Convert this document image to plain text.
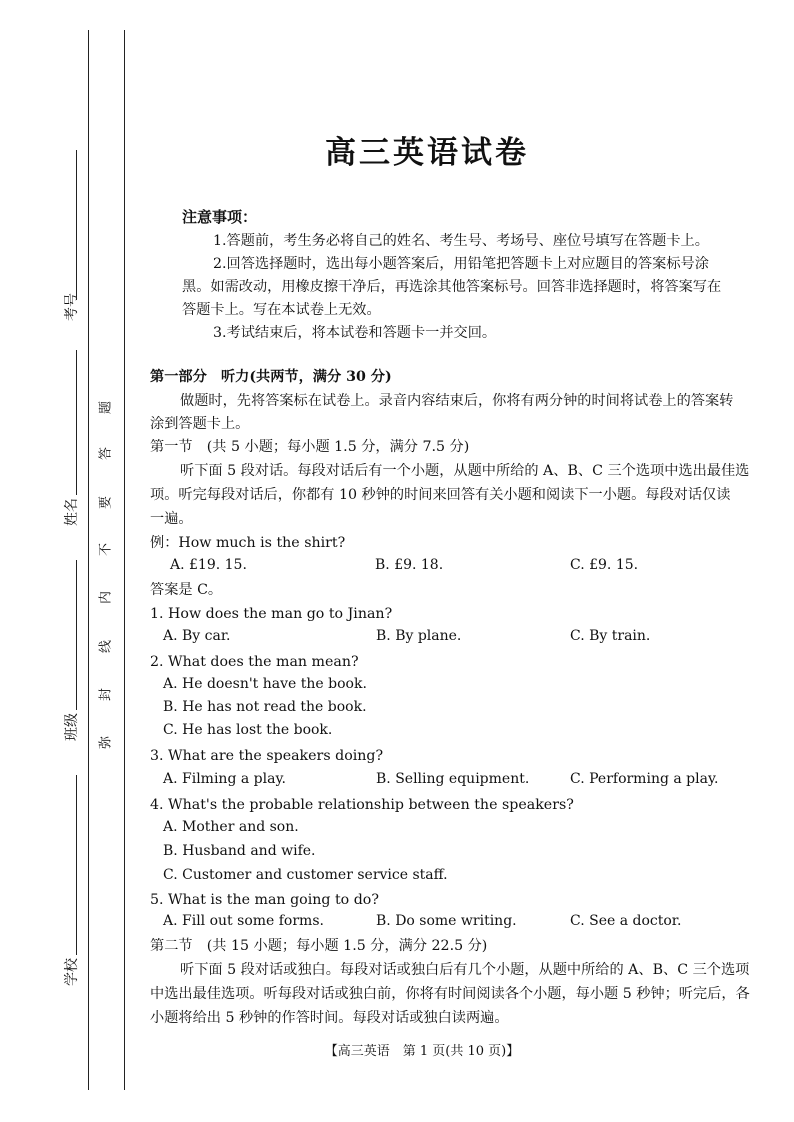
考号
姓名
班级
学校
题
答
要
不
内
线
封
弥
高三英语试卷
注意事项：
1.答题前，考生务必将自己的姓名、考生号、考场号、座位号填写在答题卡上。
2.回答选择题时，选出每小题答案后，用铅笔把答题卡上对应题目的答案标号涂
黑。如需改动，用橡皮擦干净后，再选涂其他答案标号。回答非选择题时，将答案写在
答题卡上。写在本试卷上无效。
3.考试结束后，将本试卷和答题卡一并交回。
第一部分　听力(共两节，满分 30 分)
做题时，先将答案标在试卷上。录音内容结束后，你将有两分钟的时间将试卷上的答案转
涂到答题卡上。
第一节　(共 5 小题；每小题 1.5 分，满分 7.5 分)
听下面 5 段对话。每段对话后有一个小题，从题中所给的 A、B、C 三个选项中选出最佳选
项。听完每段对话后，你都有 10 秒钟的时间来回答有关小题和阅读下一小题。每段对话仅读
一遍。
例：How much is the shirt?
A. £19. 15.	B. £9. 18.	C. £9. 15.
答案是 C。
1. How does the man go to Jinan?
A. By car.	B. By plane.	C. By train.
2. What does the man mean?
A. He doesn't have the book.
B. He has not read the book.
C. He has lost the book.
3. What are the speakers doing?
A. Filming a play.	B. Selling equipment.	C. Performing a play.
4. What's the probable relationship between the speakers?
A. Mother and son.
B. Husband and wife.
C. Customer and customer service staff.
5. What is the man going to do?
A. Fill out some forms.	B. Do some writing.	C. See a doctor.
第二节　(共 15 小题；每小题 1.5 分，满分 22.5 分)
听下面 5 段对话或独白。每段对话或独白后有几个小题，从题中所给的 A、B、C 三个选项
中选出最佳选项。听每段对话或独白前，你将有时间阅读各个小题，每小题 5 秒钟；听完后，各
小题将给出 5 秒钟的作答时间。每段对话或独白读两遍。
【高三英语　第 1 页(共 10 页)】
